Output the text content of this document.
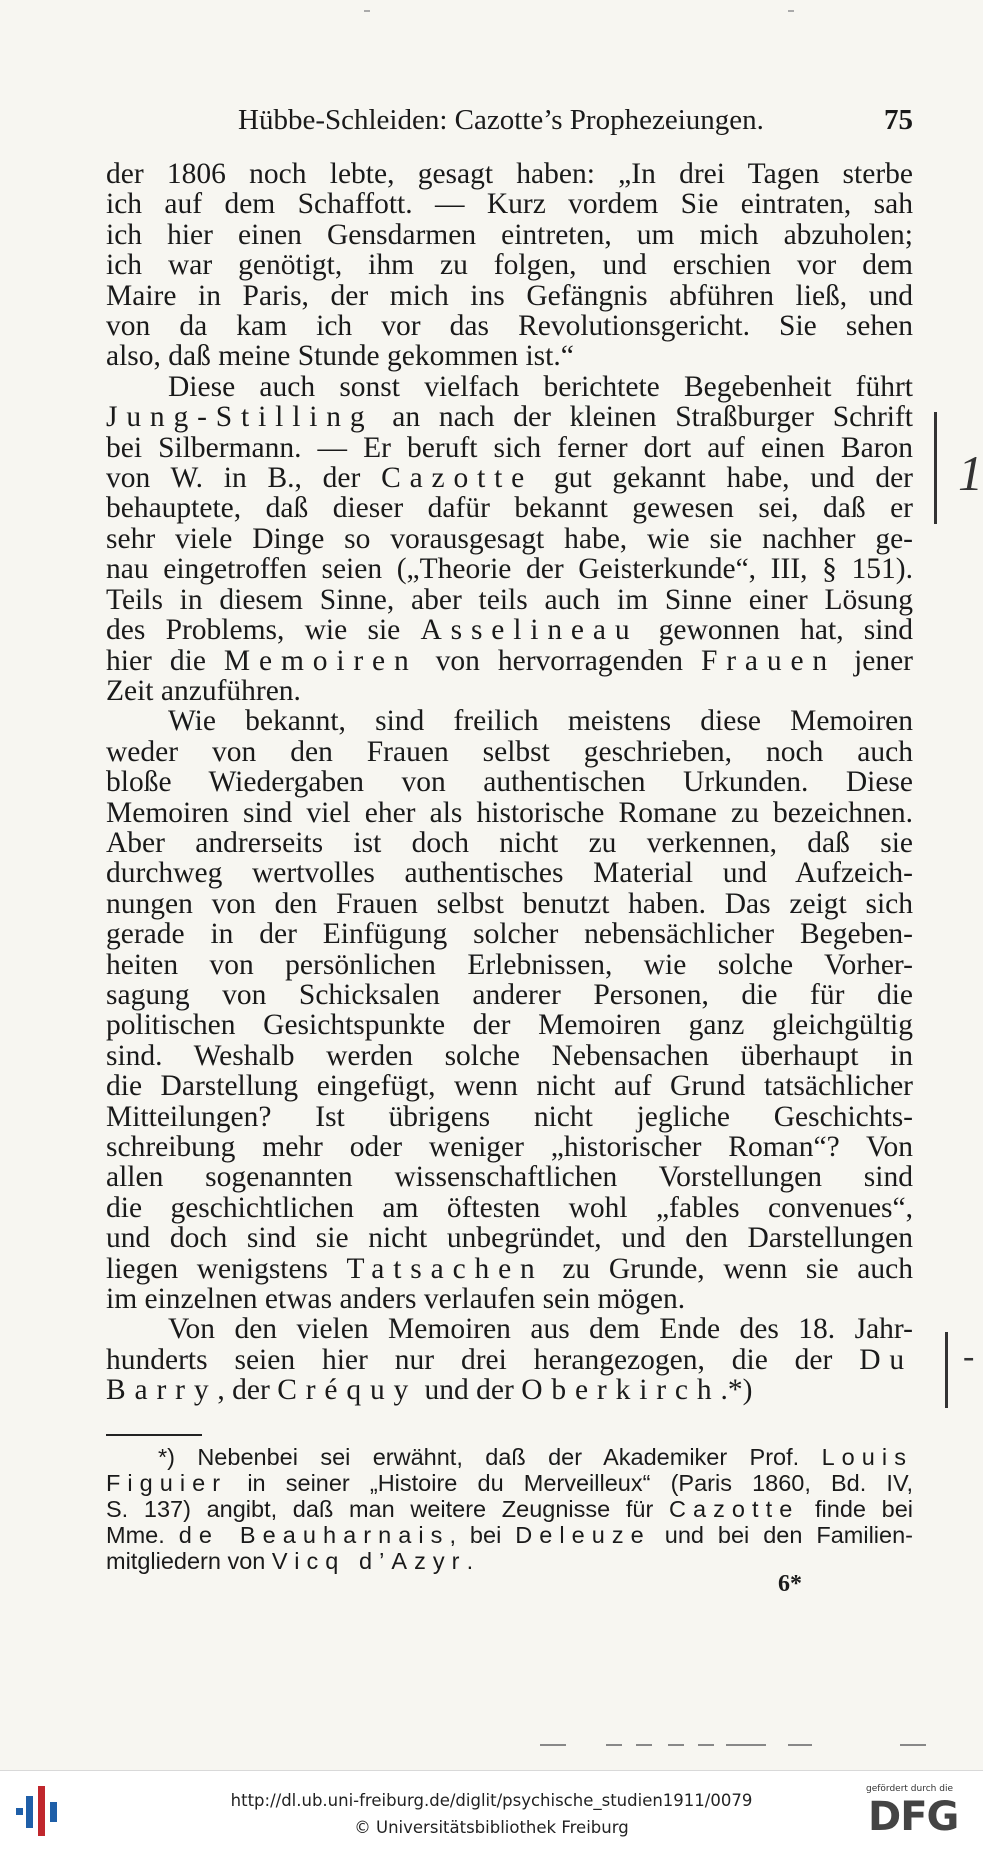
Hübbe-Schleiden: Cazotte’s Prophezeiungen.	75
der 1806 noch lebte, gesagt haben: „In drei Tagen sterbe
ich auf dem Schaffott. — Kurz vordem Sie eintraten, sah
ich hier einen Gensdarmen eintreten, um mich abzuholen;
ich war genötigt, ihm zu folgen, und erschien vor dem
Maire in Paris, der mich ins Gefängnis abführen ließ, und
von da kam ich vor das Revolutionsgericht. Sie sehen
also, daß meine Stunde gekommen ist.“
Diese auch sonst vielfach berichtete Begebenheit führt
Jung-Stilling an nach der kleinen Straßburger Schrift
bei Silbermann. — Er beruft sich ferner dort auf einen Baron
von W. in B., der Cazotte gut gekannt habe, und der
behauptete, daß dieser dafür bekannt gewesen sei, daß er
sehr viele Dinge so vorausgesagt habe, wie sie nachher ge-
nau eingetroffen seien („Theorie der Geisterkunde“, III, § 151).
Teils in diesem Sinne, aber teils auch im Sinne einer Lösung
des Problems, wie sie Asselineau gewonnen hat, sind
hier die Memoiren von hervorragenden Frauen jener
Zeit anzuführen.
Wie bekannt, sind freilich meistens diese Memoiren
weder von den Frauen selbst geschrieben, noch auch
bloße Wiedergaben von authentischen Urkunden. Diese
Memoiren sind viel eher als historische Romane zu bezeichnen.
Aber andrerseits ist doch nicht zu verkennen, daß sie
durchweg wertvolles authentisches Material und Aufzeich-
nungen von den Frauen selbst benutzt haben. Das zeigt sich
gerade in der Einfügung solcher nebensächlicher Begeben-
heiten von persönlichen Erlebnissen, wie solche Vorher-
sagung von Schicksalen anderer Personen, die für die
politischen Gesichtspunkte der Memoiren ganz gleichgültig
sind. Weshalb werden solche Nebensachen überhaupt in
die Darstellung eingefügt, wenn nicht auf Grund tatsächlicher
Mitteilungen? Ist übrigens nicht jegliche Geschichts-
schreibung mehr oder weniger „historischer Roman“? Von
allen sogenannten wissenschaftlichen Vorstellungen sind
die geschichtlichen am öftesten wohl „fables convenues“,
und doch sind sie nicht unbegründet, und den Darstellungen
liegen wenigstens Tatsachen zu Grunde, wenn sie auch
im einzelnen etwas anders verlaufen sein mögen.
Von den vielen Memoiren aus dem Ende des 18. Jahr-
hunderts seien hier nur drei herangezogen, die der Du
Barry, der Créquy und der Oberkirch.*)
*) Nebenbei sei erwähnt, daß der Akademiker Prof. Louis
Figuier in seiner „Histoire du Merveilleux“ (Paris 1860, Bd. IV,
S. 137) angibt, daß man weitere Zeugnisse für Cazotte finde bei
Mme. de Beauharnais, bei Deleuze und bei den Familien-
mitgliedern von Vicq d’Azyr.
6*
1
-
http://dl.ub.uni-freiburg.de/diglit/psychische_studien1911/0079
© Universitätsbibliothek Freiburg
gefördert durch die
DFG
